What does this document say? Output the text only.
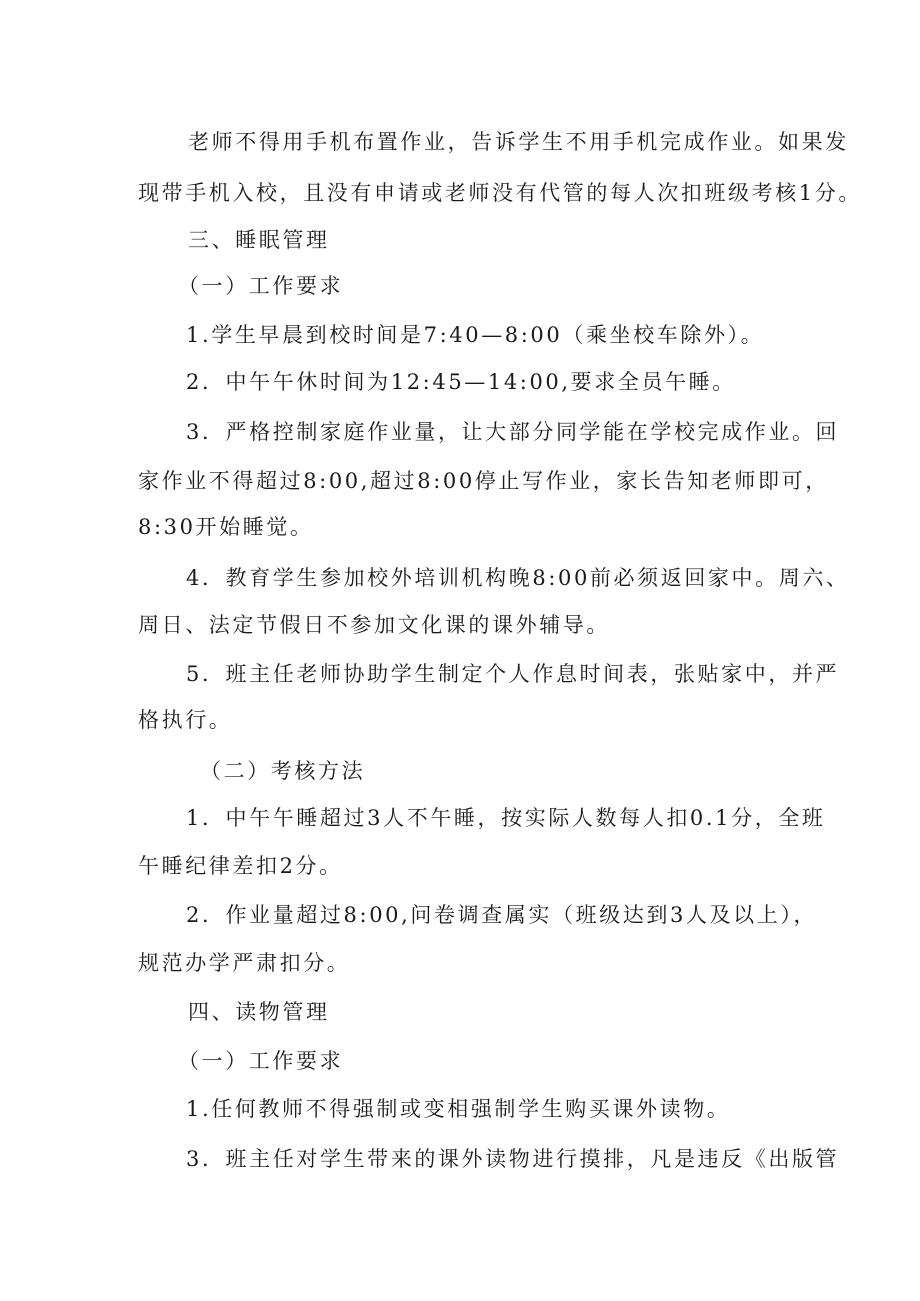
老师不得用手机布置作业，告诉学生不用手机完成作业。如果发
现带手机入校，且没有申请或老师没有代管的每人次扣班级考核1分。
三、睡眠管理
（一）工作要求
1.学生早晨到校时间是7:40—8:00（乘坐校车除外）。
2．中午午休时间为12:45—14:00,要求全员午睡。
3．严格控制家庭作业量，让大部分同学能在学校完成作业。回
家作业不得超过8:00,超过8:00停止写作业，家长告知老师即可，
8:30开始睡觉。
4．教育学生参加校外培训机构晚8:00前必须返回家中。周六、
周日、法定节假日不参加文化课的课外辅导。
5．班主任老师协助学生制定个人作息时间表，张贴家中，并严
格执行。
（二）考核方法
1．中午午睡超过3人不午睡，按实际人数每人扣0.1分，全班
午睡纪律差扣2分。
2．作业量超过8:00,问卷调查属实（班级达到3人及以上），
规范办学严肃扣分。
四、读物管理
（一）工作要求
1.任何教师不得强制或变相强制学生购买课外读物。
3．班主任对学生带来的课外读物进行摸排，凡是违反《出版管
